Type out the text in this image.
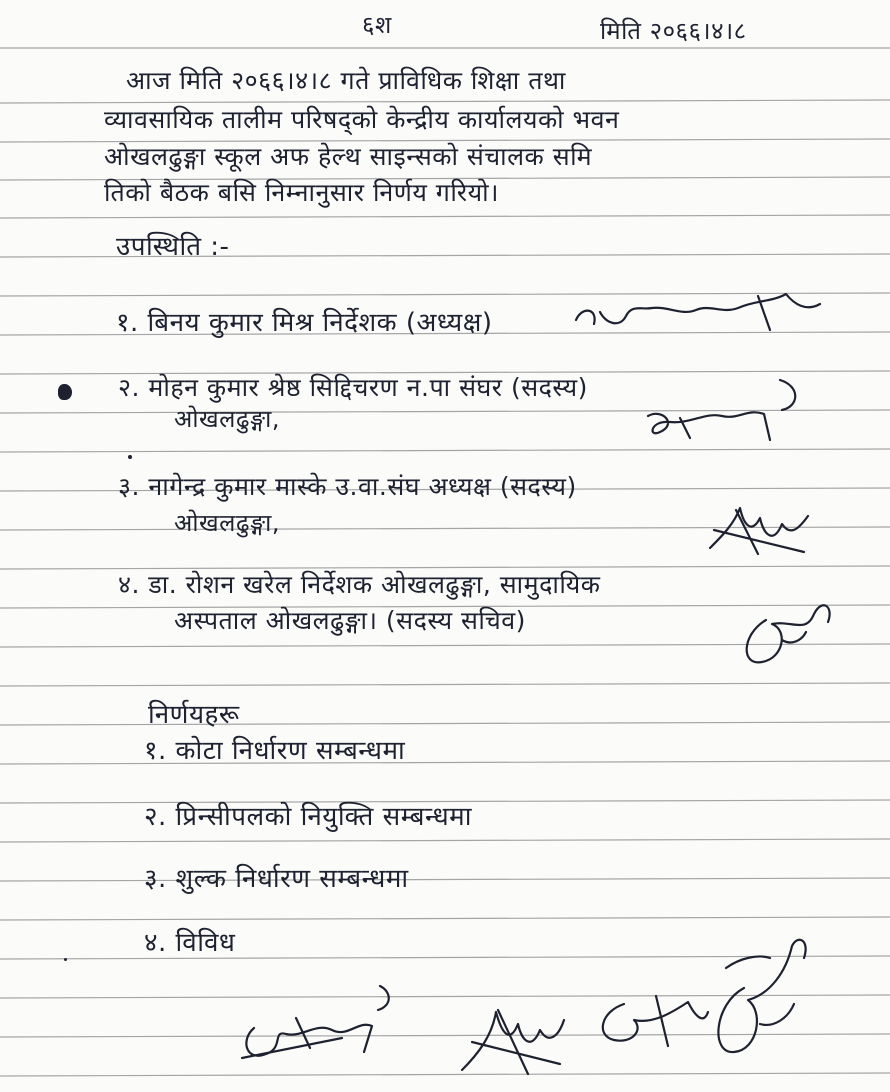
६श	मिति २०६६।४।८
आज मिति २०६६।४।८ गते प्राविधिक शिक्षा तथा
व्यावसायिक तालीम परिषद्को केन्द्रीय कार्यालयको भवन
ओखलढुङ्गा स्कूल अफ हेल्थ साइन्सको संचालक समि
तिको बैठक बसि निम्नानुसार निर्णय गरियो।
उपस्थिति :-
१. बिनय कुमार मिश्र निर्देशक (अध्यक्ष)
२. मोहन कुमार श्रेष्ठ सिद्दिचरण न.पा संघर (सदस्य)
ओखलढुङ्गा,
३. नागेन्द्र कुमार मास्के उ.वा.संघ अध्यक्ष (सदस्य)
ओखलढुङ्गा,
४. डा. रोशन खरेल निर्देशक ओखलढुङ्गा, सामुदायिक
अस्पताल ओखलढुङ्गा। (सदस्य सचिव)
निर्णयहरू
१. कोटा निर्धारण सम्बन्धमा
२. प्रिन्सीपलको नियुक्ति सम्बन्धमा
३. शुल्क निर्धारण सम्बन्धमा
४. विविध
